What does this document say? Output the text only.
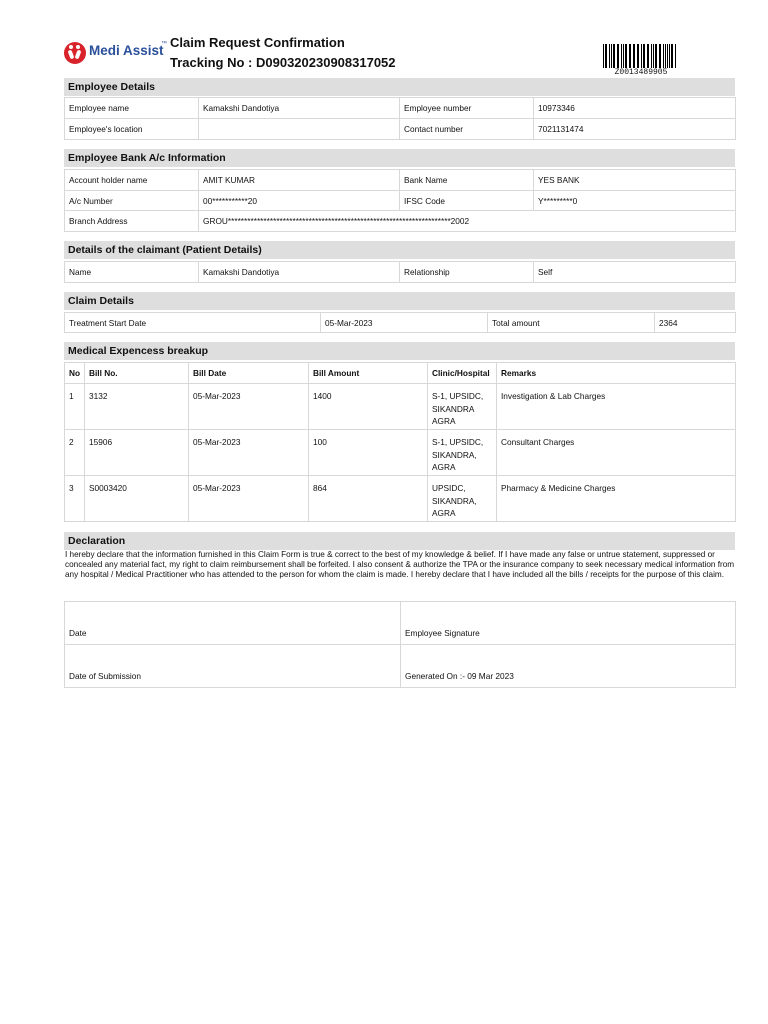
Medi Assist
™ Claim Request Confirmation
Tracking No : D090320230908317052
Z0013489905
Employee Details
Employee name	Kamakshi Dandotiya	Employee number	10973346
Employee's location		Contact number	7021131474
Employee Bank A/c Information
Account holder name	AMIT KUMAR	Bank Name	YES BANK
A/c Number	00***********20	IFSC Code	Y*********0
Branch Address	GROU*********************************************************************2002		
Details of the claimant (Patient Details)
Name	Kamakshi Dandotiya	Relationship	Self
Claim Details
Treatment Start Date	05-Mar-2023	Total amount	2364
Medical Expencess breakup
No	Bill No.	Bill Date	Bill Amount	Clinic/Hospital	Remarks
1	3132	05-Mar-2023	1400	S-1, UPSIDC, SIKANDRA AGRA	Investigation & Lab Charges
2	15906	05-Mar-2023	100	S-1, UPSIDC, SIKANDRA, AGRA	Consultant Charges
3	S0003420	05-Mar-2023	864	UPSIDC, SIKANDRA, AGRA	Pharmacy & Medicine Charges
Declaration
I hereby declare that the information furnished in this Claim Form is true & correct to the best of my knowledge & belief. If I have made any false or untrue statement, suppressed or concealed any material fact, my right to claim reimbursement shall be forfeited. I also consent & authorize the TPA or the insurance company to seek necessary medical information from any hospital / Medical Practitioner who has attended to the person for whom the claim is made. I hereby declare that I have included all the bills / receipts for the purpose of this claim.
Date	Employee Signature
Date of Submission	Generated On :- 09 Mar 2023
